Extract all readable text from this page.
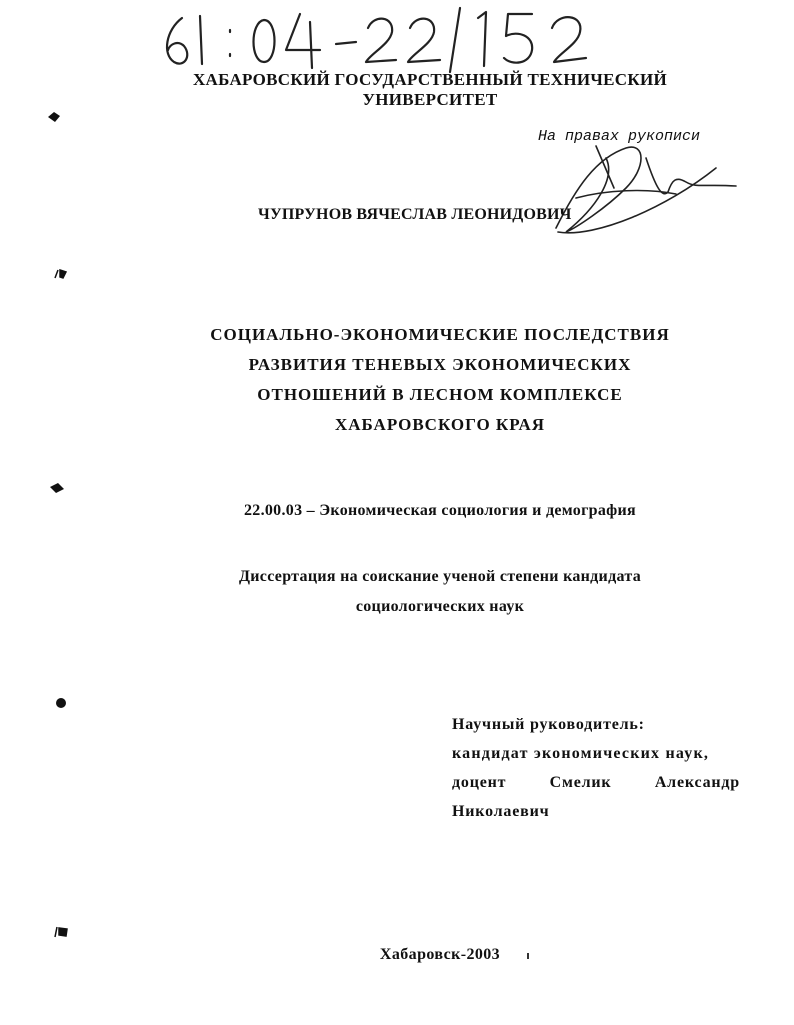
61:04-22/152
ХАБАРОВСКИЙ ГОСУДАРСТВЕННЫЙ ТЕХНИЧЕСКИЙ
УНИВЕРСИТЕТ
На правах рукописи
ЧУПРУНОВ ВЯЧЕСЛАВ ЛЕОНИДОВИЧ
СОЦИАЛЬНО-ЭКОНОМИЧЕСКИЕ ПОСЛЕДСТВИЯ
РАЗВИТИЯ ТЕНЕВЫХ ЭКОНОМИЧЕСКИХ
ОТНОШЕНИЙ В ЛЕСНОМ КОМПЛЕКСЕ
ХАБАРОВСКОГО КРАЯ
22.00.03 – Экономическая социология и демография
Диссертация на соискание ученой степени кандидата
социологических наук
Научный руководитель:
кандидат экономических наук,
доцент	Смелик	Александр
Николаевич
Хабаровск-2003
